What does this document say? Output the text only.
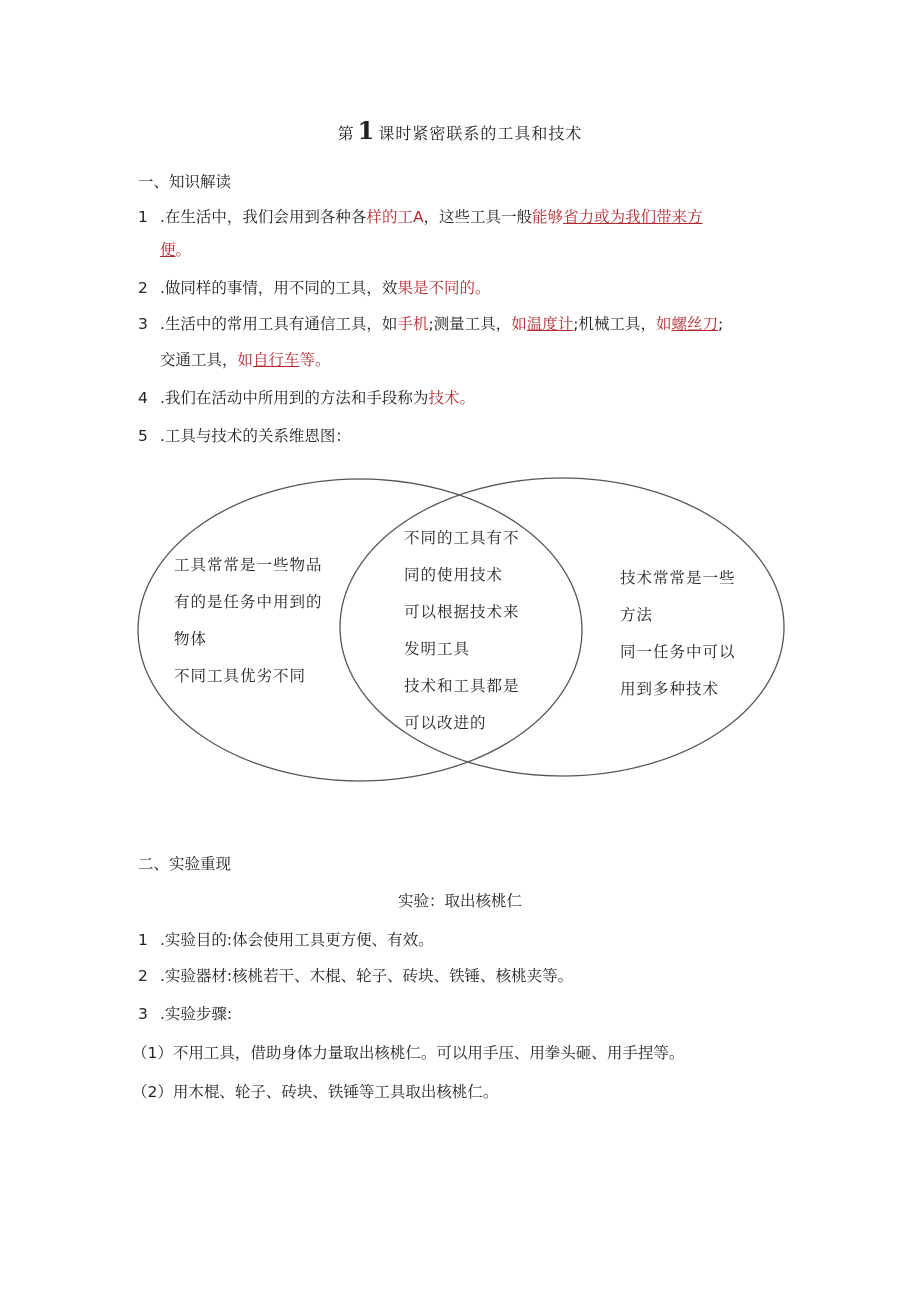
第 1 课时紧密联系的工具和技术
一、知识解读
1 .在生活中，我们会用到各种各样的工A，这些工具一般能够省力或为我们带来方
便。
2 .做同样的事情，用不同的工具，效果是不同的。
3 .生活中的常用工具有通信工具，如手机;测量工具，如温度计;机械工具，如螺丝刀;
交通工具，如自行车等。
4 .我们在活动中所用到的方法和手段称为技术。
5 .工具与技术的关系维恩图：
工具常常是一些物品
有的是任务中用到的
物体
不同工具优劣不同
不同的工具有不
同的使用技术
可以根据技术来
发明工具
技术和工具都是
可以改进的
技术常常是一些
方法
同一任务中可以
用到多种技术
二、实验重现
实验：取出核桃仁
1 .实验目的:体会使用工具更方便、有效。
2 .实验器材:核桃若干、木棍、轮子、砖块、铁锤、核桃夹等。
3 .实验步骤:
（1）不用工具，借助身体力量取出核桃仁。可以用手压、用拳头砸、用手捏等。
（2）用木棍、轮子、砖块、铁锤等工具取出核桃仁。
